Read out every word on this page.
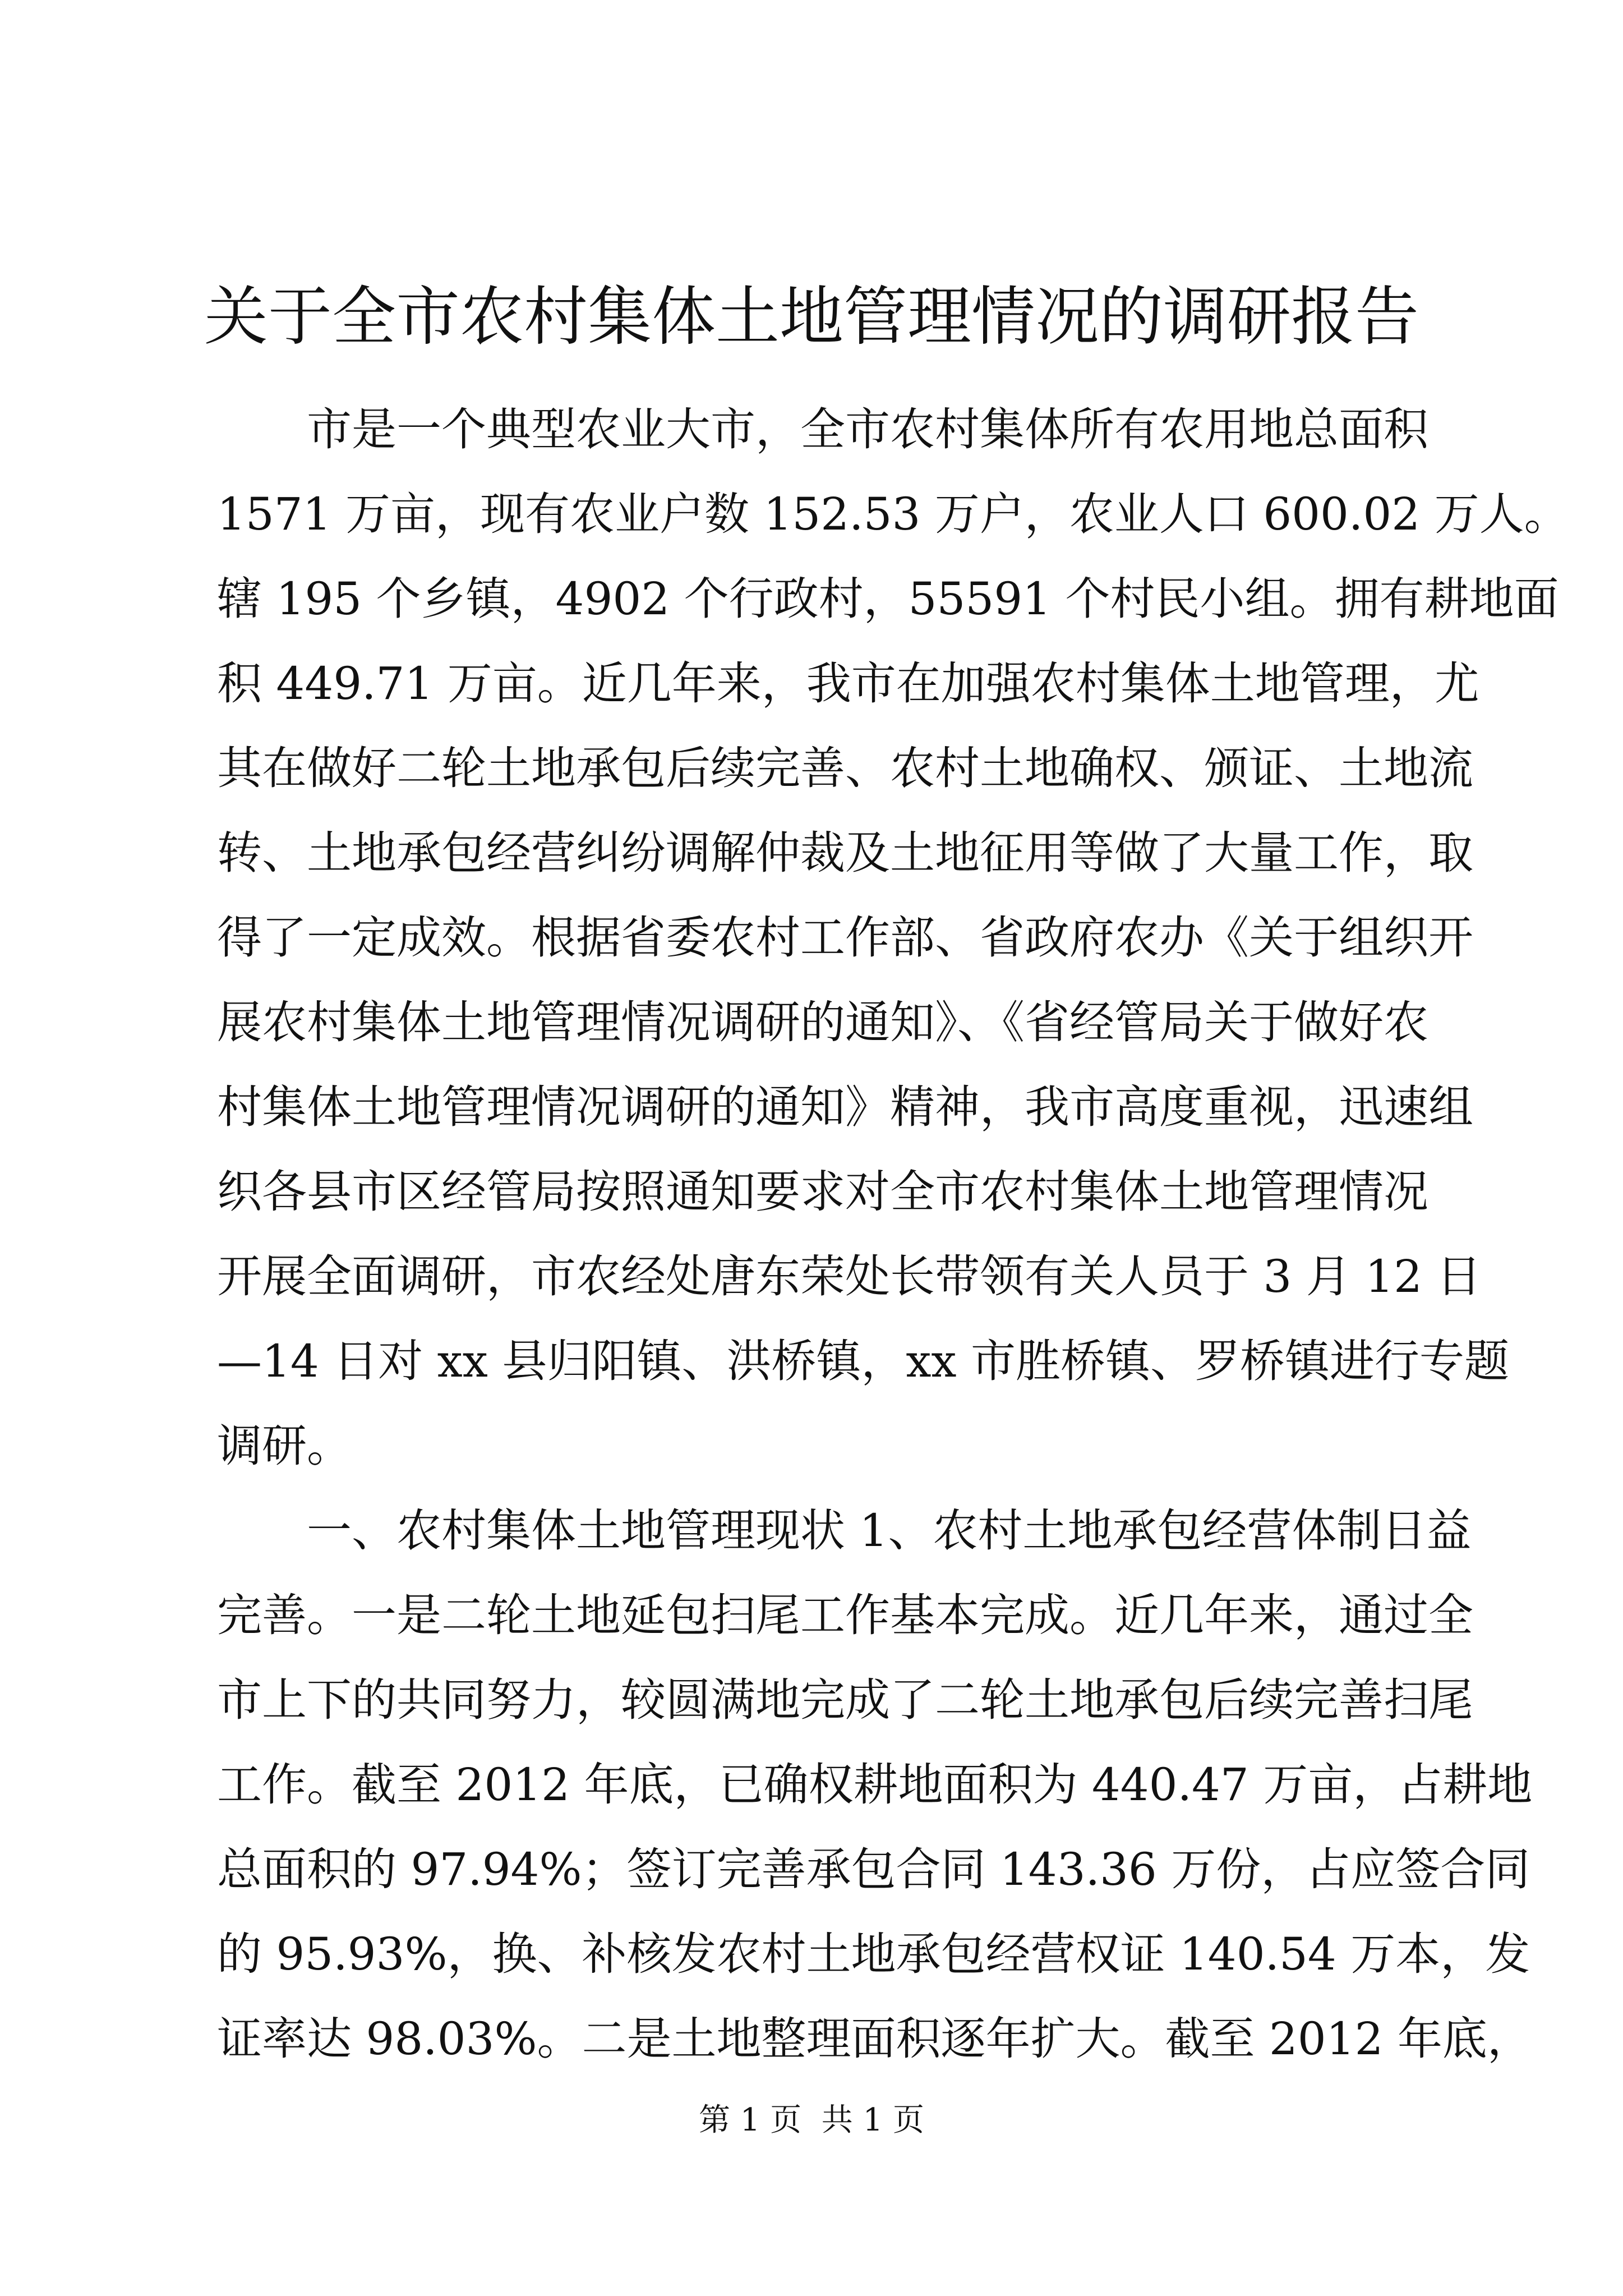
关于全市农村集体土地管理情况的调研报告
市是一个典型农业大市，全市农村集体所有农用地总面积
1571 万亩，现有农业户数 152.53 万户，农业人口 600.02 万人。
辖 195 个乡镇，4902 个行政村，55591 个村民小组。拥有耕地面
积 449.71 万亩。近几年来，我市在加强农村集体土地管理，尤
其在做好二轮土地承包后续完善、农村土地确权、颁证、土地流
转、土地承包经营纠纷调解仲裁及土地征用等做了大量工作，取
得了一定成效。根据省委农村工作部、省政府农办《关于组织开
展农村集体土地管理情况调研的通知》、《省经管局关于做好农
村集体土地管理情况调研的通知》精神，我市高度重视，迅速组
织各县市区经管局按照通知要求对全市农村集体土地管理情况
开展全面调研，市农经处唐东荣处长带领有关人员于 3 月 12 日
—14 日对 xx 县归阳镇、洪桥镇，xx 市胜桥镇、罗桥镇进行专题
调研。
一、农村集体土地管理现状 1、农村土地承包经营体制日益
完善。一是二轮土地延包扫尾工作基本完成。近几年来，通过全
市上下的共同努力，较圆满地完成了二轮土地承包后续完善扫尾
工作。截至 2012 年底，已确权耕地面积为 440.47 万亩，占耕地
总面积的 97.94%；签订完善承包合同 143.36 万份，占应签合同
的 95.93%，换、补核发农村土地承包经营权证 140.54 万本，发
证率达 98.03%。二是土地整理面积逐年扩大。截至 2012 年底，
第 1 页  共 1 页
